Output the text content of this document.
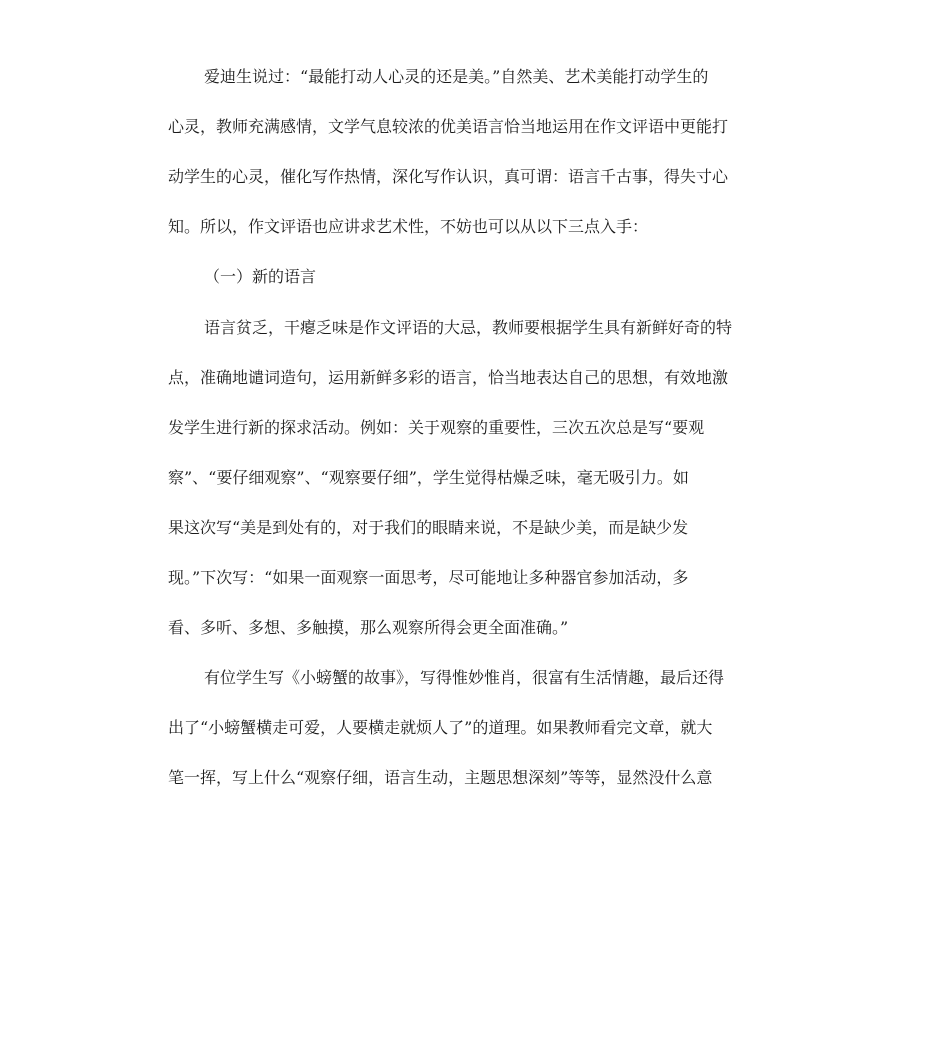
爱迪生说过：“最能打动人心灵的还是美。”自然美、艺术美能打动学生的
心灵，教师充满感情，文学气息较浓的优美语言恰当地运用在作文评语中更能打
动学生的心灵，催化写作热情，深化写作认识，真可谓：语言千古事，得失寸心
知。所以，作文评语也应讲求艺术性，不妨也可以从以下三点入手：
（一）新的语言
语言贫乏，干瘪乏味是作文评语的大忌，教师要根据学生具有新鲜好奇的特
点，准确地谴词造句，运用新鲜多彩的语言，恰当地表达自己的思想，有效地激
发学生进行新的探求活动。例如：关于观察的重要性，三次五次总是写“要观
察”、“要仔细观察”、“观察要仔细”，学生觉得枯燥乏味，毫无吸引力。如
果这次写“美是到处有的，对于我们的眼睛来说，不是缺少美，而是缺少发
现。”下次写：“如果一面观察一面思考，尽可能地让多种器官参加活动，多
看、多听、多想、多触摸，那么观察所得会更全面准确。”
有位学生写《小螃蟹的故事》，写得惟妙惟肖，很富有生活情趣，最后还得
出了“小螃蟹横走可爱，人要横走就烦人了”的道理。如果教师看完文章，就大
笔一挥，写上什么“观察仔细，语言生动，主题思想深刻”等等，显然没什么意
